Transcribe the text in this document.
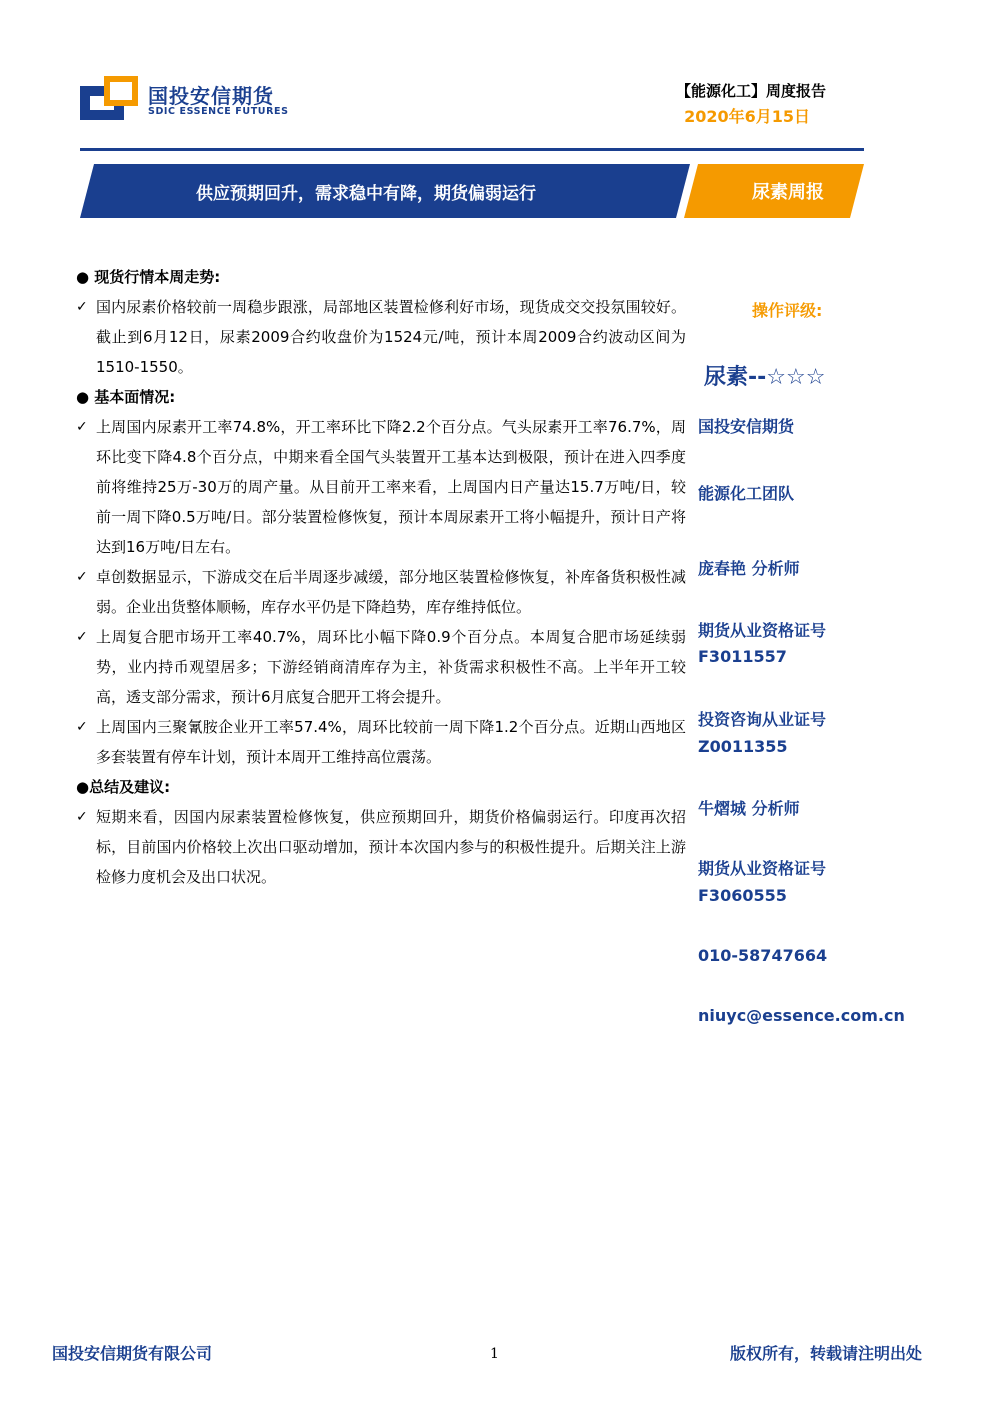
国投安信期货
SDIC ESSENCE FUTURES
【能源化工】周度报告
2020年6月15日
供应预期回升，需求稳中有降，期货偏弱运行	尿素周报
● 现货行情本周走势:
✓ 国内尿素价格较前一周稳步跟涨，局部地区装置检修利好市场，现货成交交投氛围较好。截止到6月12日，尿素2009合约收盘价为1524元/吨，预计本周2009合约波动区间为1510-1550。

● 基本面情况:
✓ 上周国内尿素开工率74.8%，开工率环比下降2.2个百分点。气头尿素开工率76.7%，周环比变下降4.8个百分点，中期来看全国气头装置开工基本达到极限，预计在进入四季度前将维持25万-30万的周产量。从目前开工率来看，上周国内日产量达15.7万吨/日，较前一周下降0.5万吨/日。部分装置检修恢复，预计本周尿素开工将小幅提升，预计日产将达到16万吨/日左右。

✓ 卓创数据显示，下游成交在后半周逐步减缓，部分地区装置检修恢复，补库备货积极性减弱。企业出货整体顺畅，库存水平仍是下降趋势，库存维持低位。

✓ 上周复合肥市场开工率40.7%，周环比小幅下降0.9个百分点。本周复合肥市场延续弱势，业内持币观望居多；下游经销商清库存为主，补货需求积极性不高。上半年开工较高，透支部分需求，预计6月底复合肥开工将会提升。

✓ 上周国内三聚氰胺企业开工率57.4%，周环比较前一周下降1.2个百分点。近期山西地区多套装置有停车计划，预计本周开工维持高位震荡。

●总结及建议:
✓ 短期来看，因国内尿素装置检修恢复，供应预期回升，期货价格偏弱运行。印度再次招标，目前国内价格较上次出口驱动增加，预计本次国内参与的积极性提升。后期关注上游检修力度机会及出口状况。

操作评级:
尿素--☆☆☆
国投安信期货
能源化工团队
庞春艳 分析师
期货从业资格证号
F3011557
投资咨询从业证号
Z0011355
牛熠城 分析师
期货从业资格证号
F3060555
010-58747664
niuyc@essence.com.cn
国投安信期货有限公司	1	版权所有，转载请注明出处
